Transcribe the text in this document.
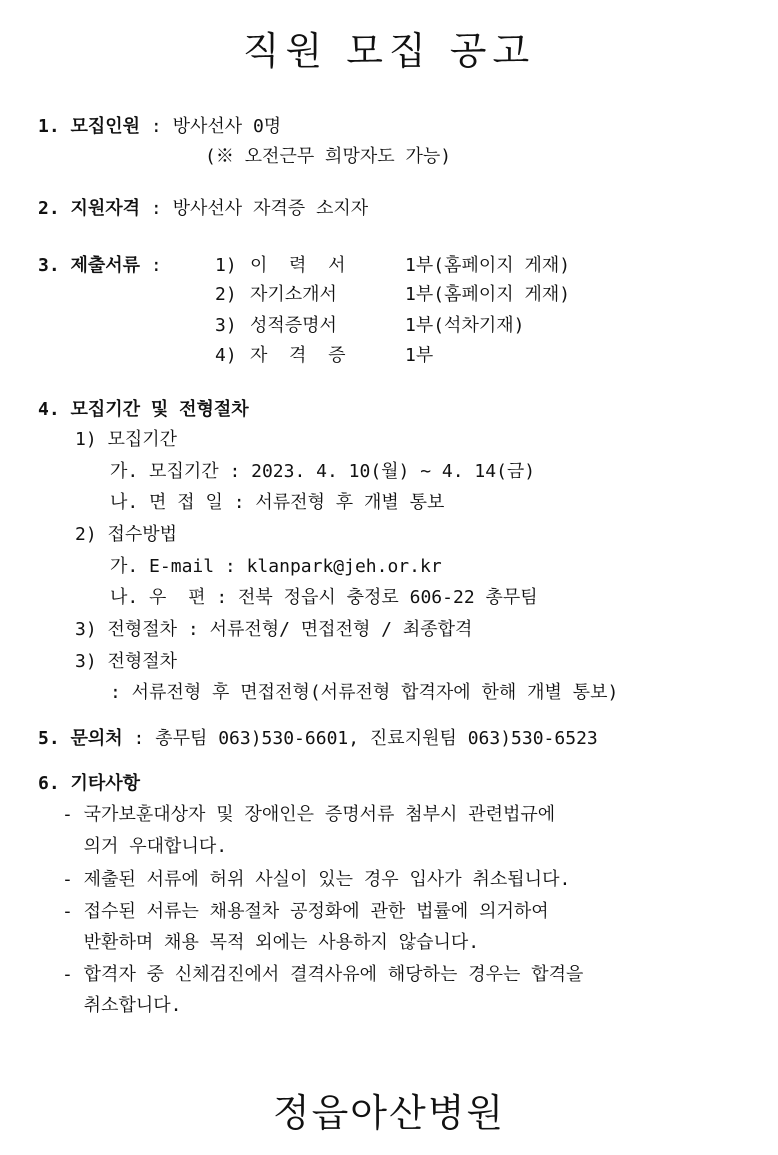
직원 모집 공고
1. 모집인원 : 방사선사 0명
(※ 오전근무 희망자도 가능)
2. 지원자격 : 방사선사 자격증 소지자
3. 제출서류 : 1) 이  력  서	1부(홈페이지 게재)
2) 자기소개서	1부(홈페이지 게재)
3) 성적증명서	1부(석차기재)
4) 자  격  증	1부
4. 모집기간 및 전형절차
1) 모집기간
가. 모집기간 : 2023. 4. 10(월) ~ 4. 14(금)
나. 면 접 일 : 서류전형 후 개별 통보
2) 접수방법
가. E-mail : klanpark@jeh.or.kr
나. 우  편 : 전북 정읍시 충정로 606-22 총무팀
3) 전형절차 : 서류전형/ 면접전형 / 최종합격
3) 전형절차
: 서류전형 후 면접전형(서류전형 합격자에 한해 개별 통보)
5. 문의처 : 총무팀 063)530-6601, 진료지원팀 063)530-6523
6. 기타사항
- 국가보훈대상자 및 장애인은 증명서류 첨부시 관련법규에
의거 우대합니다.
- 제출된 서류에 허위 사실이 있는 경우 입사가 취소됩니다.
- 접수된 서류는 채용절차 공정화에 관한 법률에 의거하여
반환하며 채용 목적 외에는 사용하지 않습니다.
- 합격자 중 신체검진에서 결격사유에 해당하는 경우는 합격을
취소합니다.
정읍아산병원
